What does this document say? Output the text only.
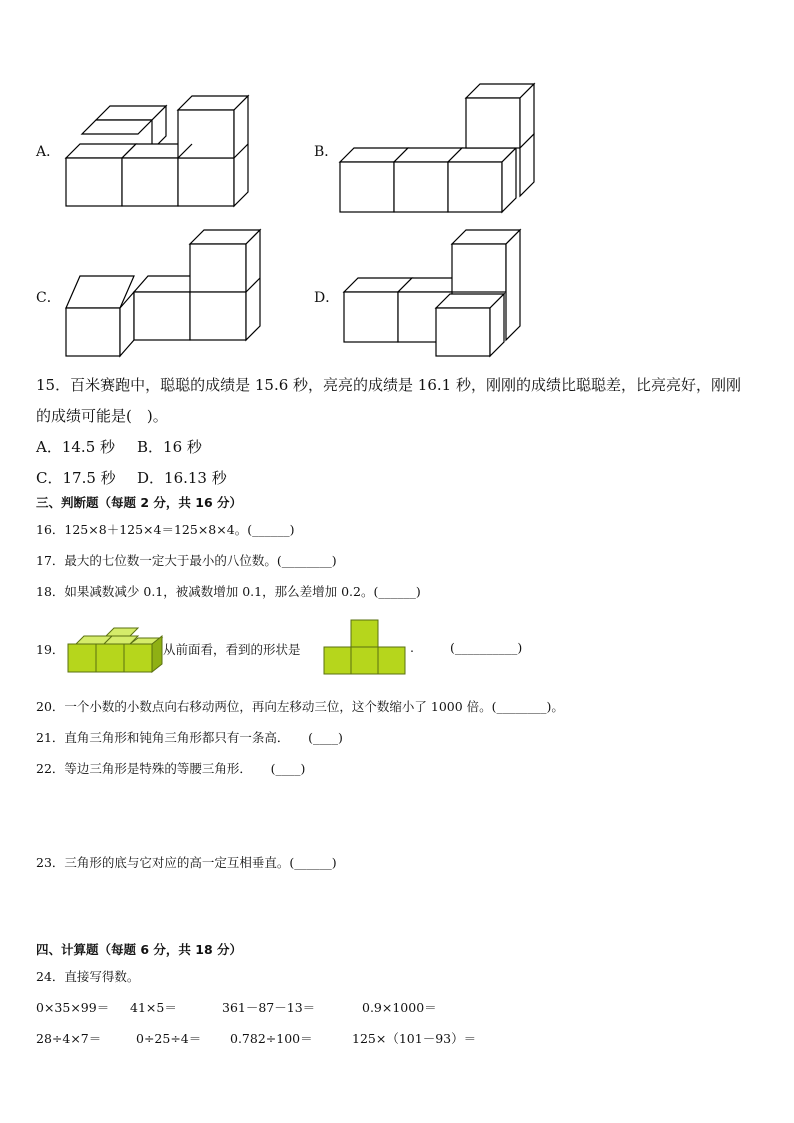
A．	B．
C．	D．
15．百米赛跑中，聪聪的成绩是 15.6 秒，亮亮的成绩是 16.1 秒，刚刚的成绩比聪聪差，比亮亮好，刚刚
的成绩可能是(　)。
A．14.5 秒 B．16 秒
C．17.5 秒 D．16.13 秒
三、判断题（每题 2 分，共 16 分）
16．125×8＋125×4＝125×8×4。(______)
17．最大的七位数一定大于最小的八位数。(________)
18．如果减数减少 0.1，被减数增加 0.1，那么差增加 0.2。(______)
19．	从前面看，看到的形状是	.	(__________)
20．一个小数的小数点向右移动两位，再向左移动三位，这个数缩小了 1000 倍。(________)。
21．直角三角形和钝角三角形都只有一条高．　　(____)
22．等边三角形是特殊的等腰三角形．　　(____)
23．三角形的底与它对应的高一定互相垂直。(______)
四、计算题（每题 6 分，共 18 分）
24．直接写得数。
0×35×99＝ 41×5＝	361－87－13＝	0.9×1000＝
28÷4×7＝	0÷25÷4＝ 0.782÷100＝	125×（101－93）＝
